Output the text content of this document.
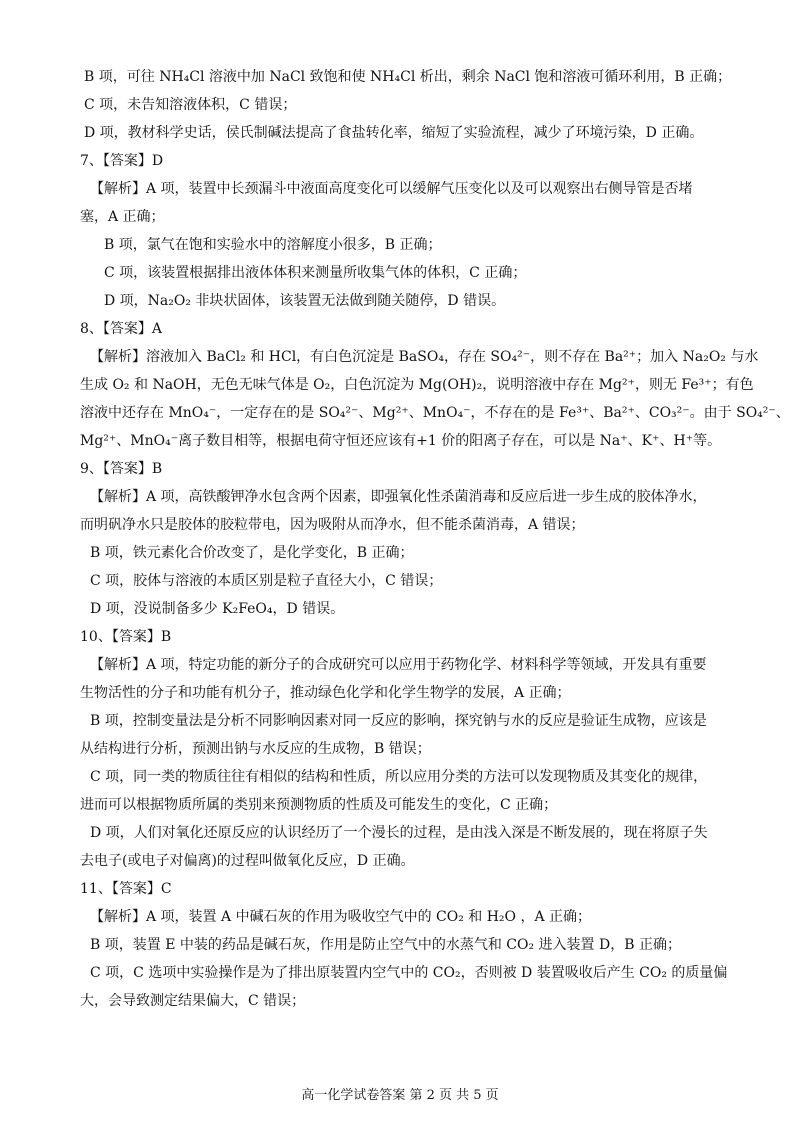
B 项，可往 NH₄Cl 溶液中加 NaCl 致饱和使 NH₄Cl 析出，剩余 NaCl 饱和溶液可循环利用，B 正确；
C 项，未告知溶液体积，C 错误；
D 项，教材科学史话，侯氏制碱法提高了食盐转化率，缩短了实验流程，减少了环境污染，D 正确。
7、【答案】D
【解析】A 项，装置中长颈漏斗中液面高度变化可以缓解气压变化以及可以观察出右侧导管是否堵
塞，A 正确；
B 项，氯气在饱和实验水中的溶解度小很多，B 正确；
C 项，该装置根据排出液体体积来测量所收集气体的体积，C 正确；
D 项，Na₂O₂ 非块状固体，该装置无法做到随关随停，D 错误。
8、【答案】A
【解析】溶液加入 BaCl₂ 和 HCl，有白色沉淀是 BaSO₄，存在 SO₄²⁻，则不存在 Ba²⁺；加入 Na₂O₂ 与水
生成 O₂ 和 NaOH，无色无味气体是 O₂，白色沉淀为 Mg(OH)₂，说明溶液中存在 Mg²⁺，则无 Fe³⁺；有色
溶液中还存在 MnO₄⁻，一定存在的是 SO₄²⁻、Mg²⁺、MnO₄⁻，不存在的是 Fe³⁺、Ba²⁺、CO₃²⁻。由于 SO₄²⁻、
Mg²⁺、MnO₄⁻离子数目相等，根据电荷守恒还应该有+1 价的阳离子存在，可以是 Na⁺、K⁺、H⁺等。
9、【答案】B
【解析】A 项，高铁酸钾净水包含两个因素，即强氧化性杀菌消毒和反应后进一步生成的胶体净水，
而明矾净水只是胶体的胶粒带电，因为吸附从而净水，但不能杀菌消毒，A 错误；
B 项，铁元素化合价改变了，是化学变化，B 正确；
C 项，胶体与溶液的本质区别是粒子直径大小，C 错误；
D 项，没说制备多少 K₂FeO₄，D 错误。
10、【答案】B
【解析】A 项，特定功能的新分子的合成研究可以应用于药物化学、材料科学等领域，开发具有重要
生物活性的分子和功能有机分子，推动绿色化学和化学生物学的发展，A 正确；
B 项，控制变量法是分析不同影响因素对同一反应的影响，探究钠与水的反应是验证生成物，应该是
从结构进行分析，预测出钠与水反应的生成物，B 错误；
C 项，同一类的物质往往有相似的结构和性质，所以应用分类的方法可以发现物质及其变化的规律，
进而可以根据物质所属的类别来预测物质的性质及可能发生的变化，C 正确；
D 项，人们对氧化还原反应的认识经历了一个漫长的过程，是由浅入深是不断发展的，现在将原子失
去电子(或电子对偏离)的过程叫做氧化反应，D 正确。
11、【答案】C
【解析】A 项，装置 A 中碱石灰的作用为吸收空气中的 CO₂ 和 H₂O ，A 正确；
B 项，装置 E 中装的药品是碱石灰，作用是防止空气中的水蒸气和 CO₂ 进入装置 D，B 正确；
C 项，C 选项中实验操作是为了排出原装置内空气中的 CO₂，否则被 D 装置吸收后产生 CO₂ 的质量偏
大，会导致测定结果偏大，C 错误；
高一化学试卷答案 第 2 页 共 5 页
